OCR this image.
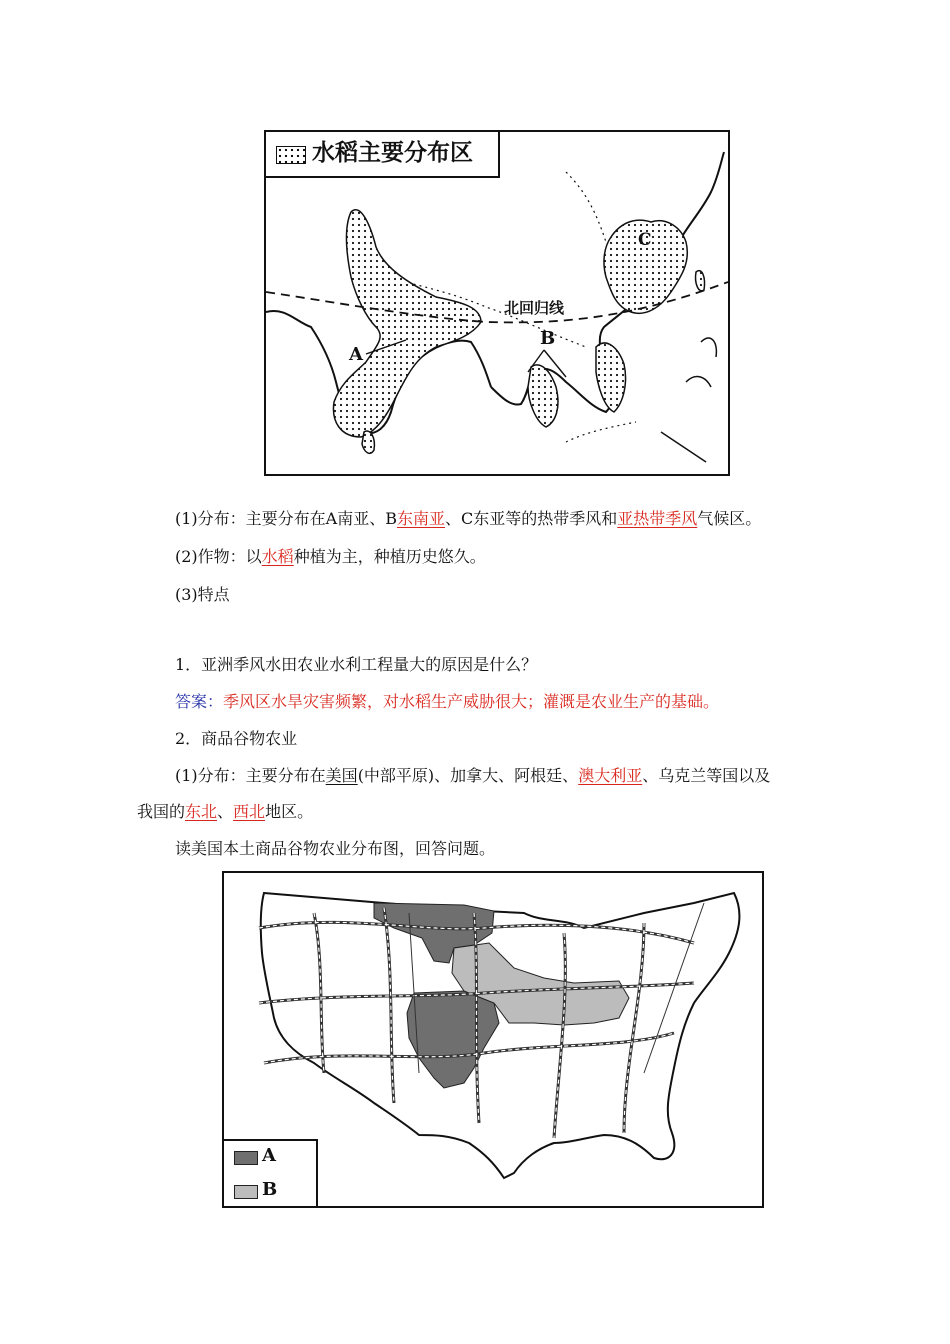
水稻主要分布区
北回归线
A
B
C
(1)分布：主要分布在A南亚、B东南亚、C东亚等的热带季风和亚热带季风气候区。
(2)作物：以水稻种植为主，种植历史悠久。
(3)特点
1．亚洲季风水田农业水利工程量大的原因是什么？
答案：季风区水旱灾害频繁，对水稻生产威胁很大；灌溉是农业生产的基础。
2．商品谷物农业
(1)分布：主要分布在美国(中部平原)、加拿大、阿根廷、澳大利亚、乌克兰等国以及
我国的东北、西北地区。
读美国本土商品谷物农业分布图，回答问题。
A
B
